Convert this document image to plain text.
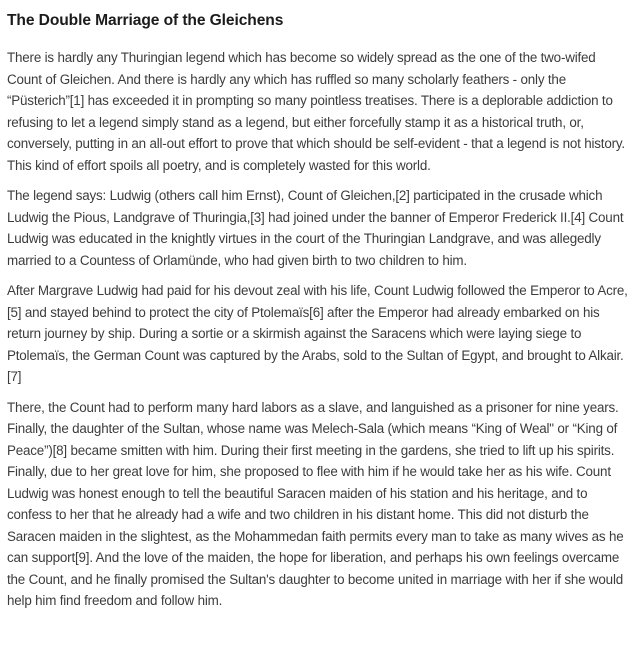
The Double Marriage of the Gleichens

There is hardly any Thuringian legend which has become so widely spread as the one of the two-wifed Count of Gleichen. And there is hardly any which has ruffled so many scholarly feathers - only the “Püsterich”[1] has exceeded it in prompting so many pointless treatises. There is a deplorable addiction to refusing to let a legend simply stand as a legend, but either forcefully stamp it as a historical truth, or, conversely, putting in an all-out effort to prove that which should be self-evident - that a legend is not history. This kind of effort spoils all poetry, and is completely wasted for this world.

The legend says: Ludwig (others call him Ernst), Count of Gleichen,[2] participated in the crusade which Ludwig the Pious, Landgrave of Thuringia,[3] had joined under the banner of Emperor Frederick II.[4] Count Ludwig was educated in the knightly virtues in the court of the Thuringian Landgrave, and was allegedly married to a Countess of Orlamünde, who had given birth to two children to him.

After Margrave Ludwig had paid for his devout zeal with his life, Count Ludwig followed the Emperor to Acre,[5] and stayed behind to protect the city of Ptolemaïs[6] after the Emperor had already embarked on his return journey by ship. During a sortie or a skirmish against the Saracens which were laying siege to Ptolemaïs, the German Count was captured by the Arabs, sold to the Sultan of Egypt, and brought to Alkair.[7]

There, the Count had to perform many hard labors as a slave, and languished as a prisoner for nine years. Finally, the daughter of the Sultan, whose name was Melech-Sala (which means “King of Weal" or “King of Peace”)[8] became smitten with him. During their first meeting in the gardens, she tried to lift up his spirits. Finally, due to her great love for him, she proposed to flee with him if he would take her as his wife. Count Ludwig was honest enough to tell the beautiful Saracen maiden of his station and his heritage, and to confess to her that he already had a wife and two children in his distant home. This did not disturb the Saracen maiden in the slightest, as the Mohammedan faith permits every man to take as many wives as he can support[9]. And the love of the maiden, the hope for liberation, and perhaps his own feelings overcame the Count, and he finally promised the Sultan's daughter to become united in marriage with her if she would help him find freedom and follow him.
